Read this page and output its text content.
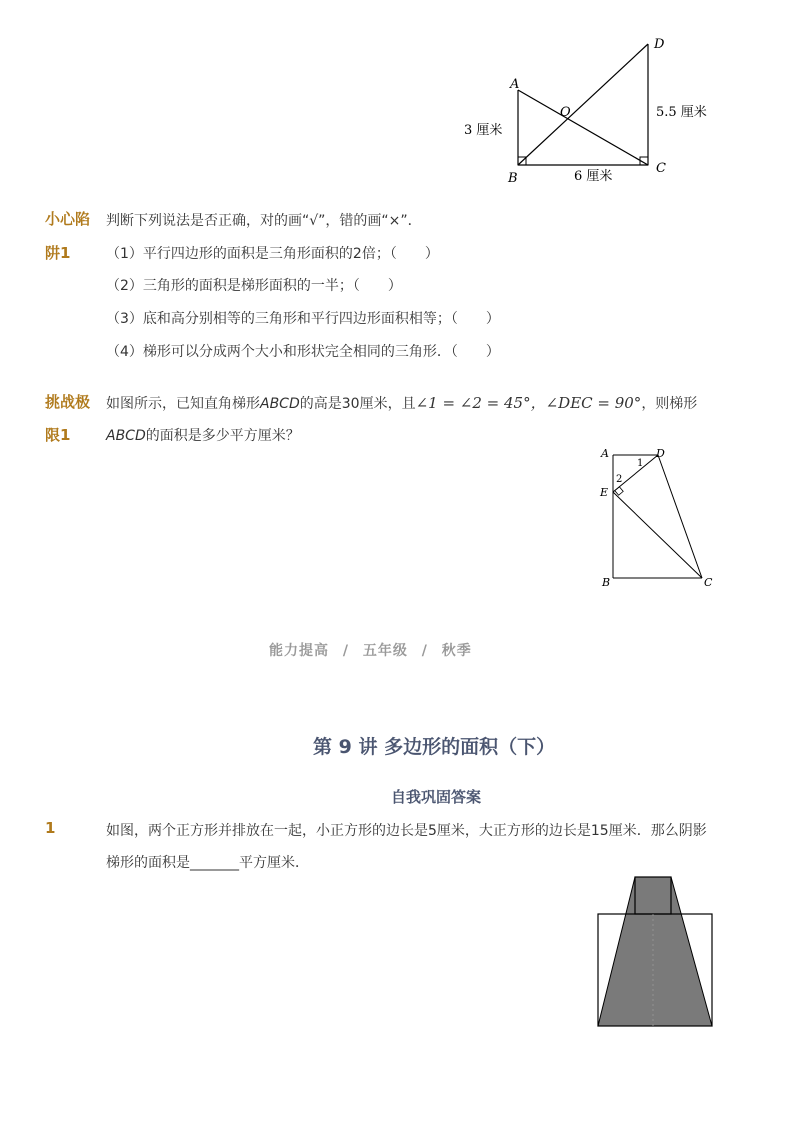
A
B
C
D
O
3 厘米
5.5 厘米
6 厘米
小心陷
阱1
判断下列说法是否正确，对的画“√”，错的画“×”．
（1）平行四边形的面积是三角形面积的2倍；（　　）
（2）三角形的面积是梯形面积的一半；（　　）
（3）底和高分别相等的三角形和平行四边形面积相等；（　　）
（4）梯形可以分成两个大小和形状完全相同的三角形．（　　）
挑战极
限1
如图所示，已知直角梯形ABCD的高是30厘米，且∠1 = ∠2 = 45°，∠DEC = 90°，则梯形
ABCD的面积是多少平方厘米？
A	D
E
B	C
1
2
能力提高 / 五年级 / 秋季
第 9 讲 多边形的面积（下）
自我巩固答案
1	如图，两个正方形并排放在一起，小正方形的边长是5厘米，大正方形的边长是15厘米．那么阴影
梯形的面积是_______平方厘米．
